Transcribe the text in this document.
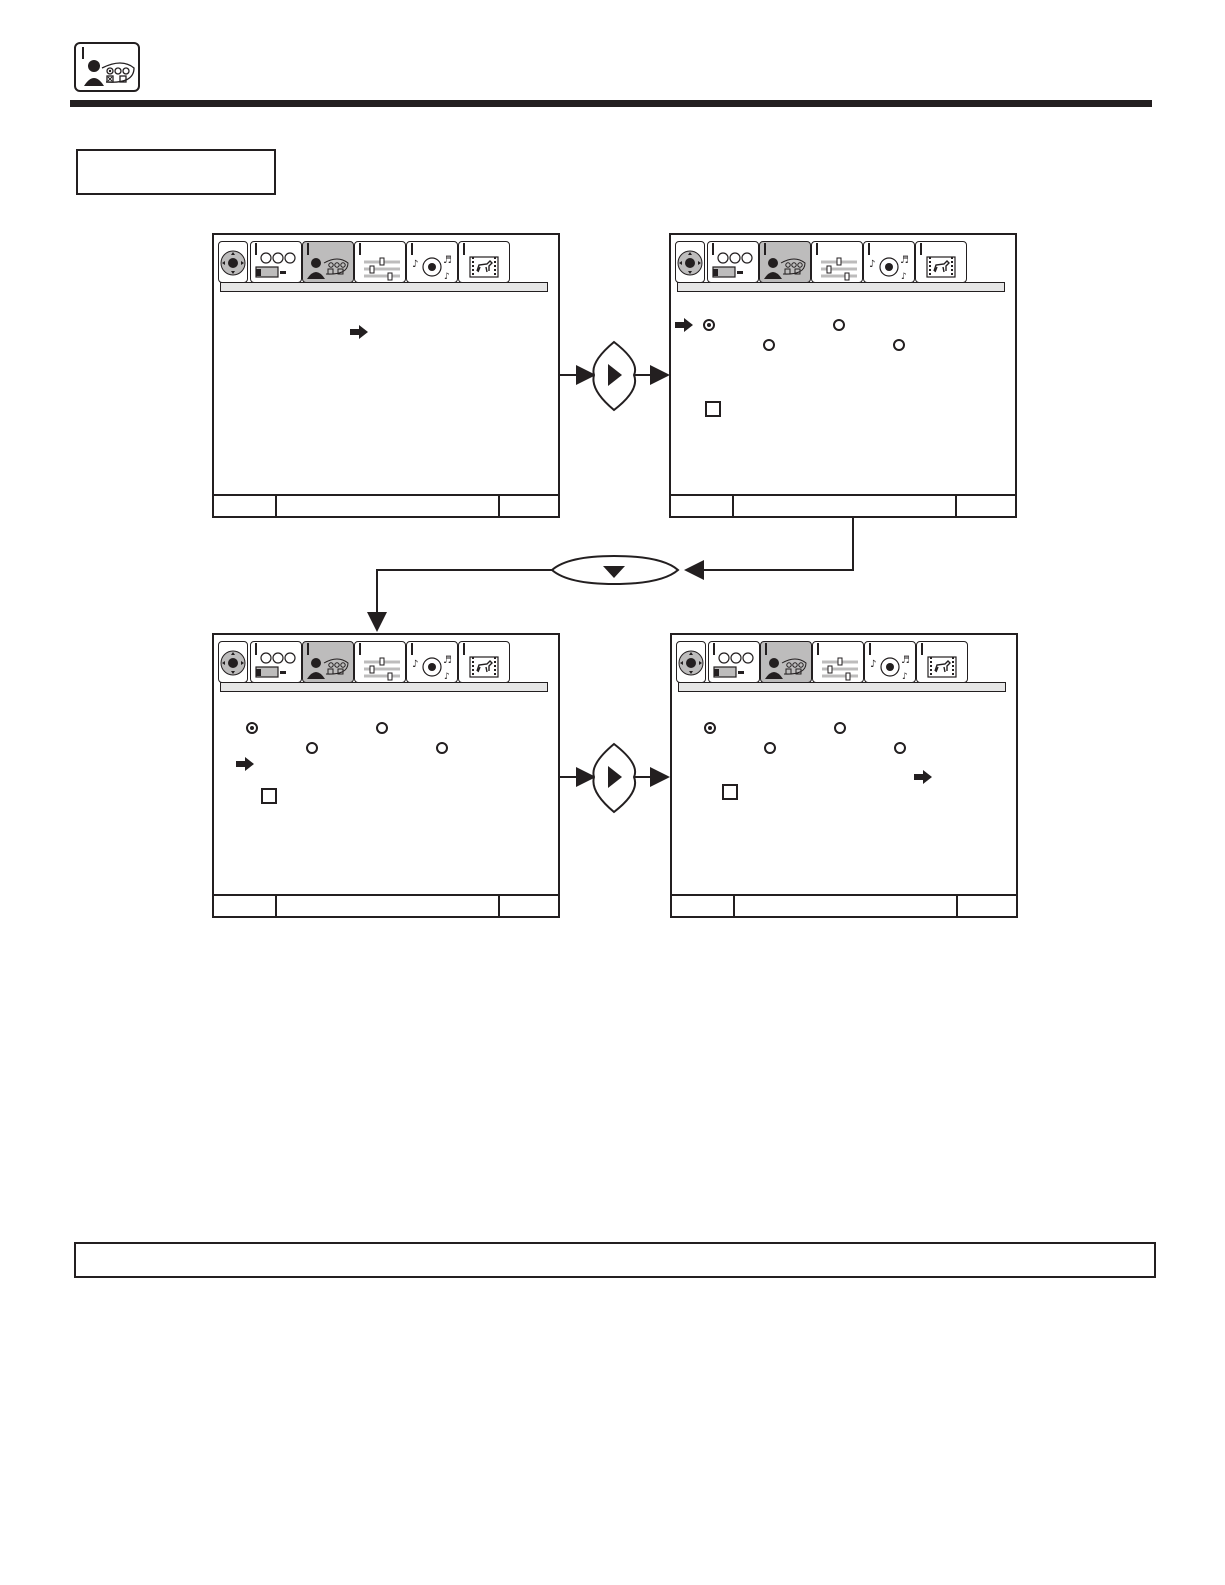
♪ ♬
♪
♪ ♬
♪
♪ ♬
♪
♪ ♬
♪
